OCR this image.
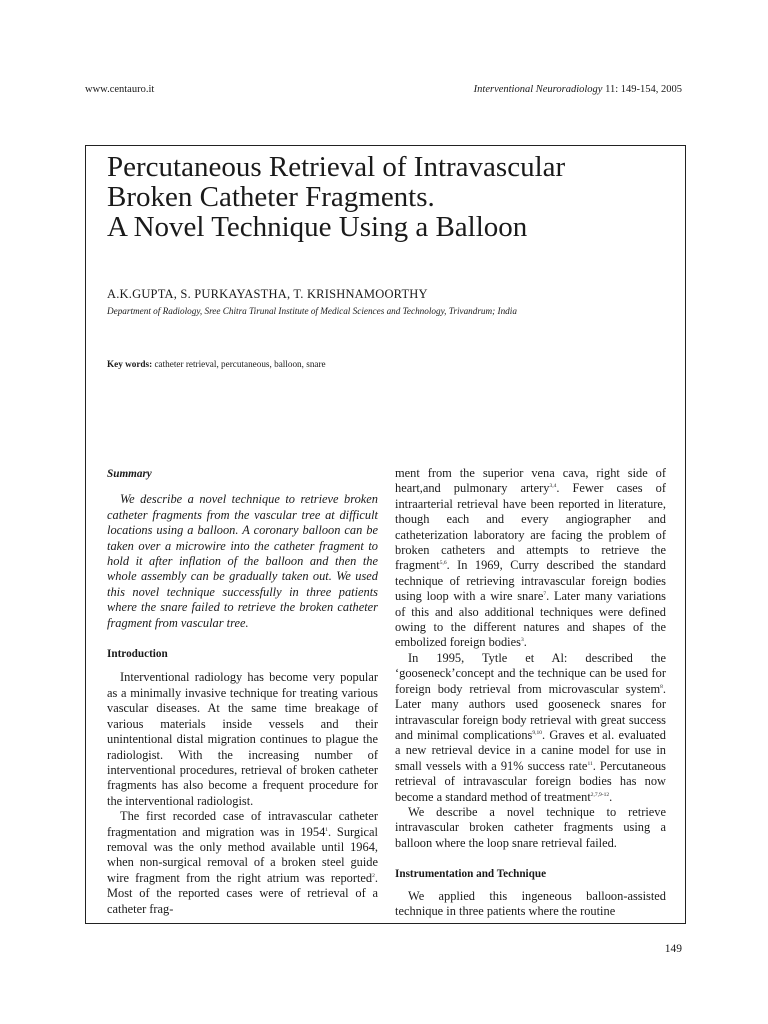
www.centauro.it	Interventional Neuroradiology 11: 149-154, 2005
Percutaneous Retrieval of Intravascular
Broken Catheter Fragments.
A Novel Technique Using a Balloon
A.K.GUPTA, S. PURKAYASTHA, T. KRISHNAMOORTHY
Department of Radiology, Sree Chitra Tirunal Institute of Medical Sciences and Technology, Trivandrum; India
Key words: catheter retrieval, percutaneous, balloon, snare
Summary

We describe a novel technique to retrieve broken catheter fragments from the vascular tree at difficult locations using a balloon. A coronary balloon can be taken over a microwire into the catheter fragment to hold it after inflation of the balloon and then the whole assembly can be gradually taken out. We used this novel technique successfully in three patients where the snare failed to retrieve the broken catheter fragment from vascular tree.

Introduction

Interventional radiology has become very popular as a minimally invasive technique for treating various vascular diseases. At the same time breakage of various materials inside vessels and their unintentional distal migration continues to plague the radiologist. With the increasing number of interventional procedures, retrieval of broken catheter fragments has also become a frequent procedure for the interventional radiologist.

The first recorded case of intravascular catheter fragmentation and migration was in 1954$^1$. Surgical removal was the only method available until 1964, when non-surgical removal of a broken steel guide wire fragment from the right atrium was reported$^2$. Most of the reported cases were of retrieval of a catheter frag-

ment from the superior vena cava, right side of heart,and pulmonary artery$^{3,4}$. Fewer cases of intraarterial retrieval have been reported in literature, though each and every angiographer and catheterization laboratory are facing the problem of broken catheters and attempts to retrieve the fragment$^{5,6}$. In 1969, Curry described the standard technique of retrieving intravascular foreign bodies using loop with a wire snare$^7$. Later many variations of this and also additional techniques were defined owing to the different natures and shapes of the embolized foreign bodies$^3$.

In 1995, Tytle et Al: described the ‘gooseneck’concept and the technique can be used for foreign body retrieval from microvascular system$^8$. Later many authors used gooseneck snares for intravascular foreign body retrieval with great success and minimal complications$^{9,10}$. Graves et al. evaluated a new retrieval device in a canine model for use in small vessels with a 91% success rate$^{11}$. Percutaneous retrieval of intravascular foreign bodies has now become a standard method of treatment$^{2,7,9-12}$.

We describe a novel technique to retrieve intravascular broken catheter fragments using a balloon where the loop snare retrieval failed.

Instrumentation and Technique

We applied this ingeneous balloon-assisted technique in three patients where the routine

149
